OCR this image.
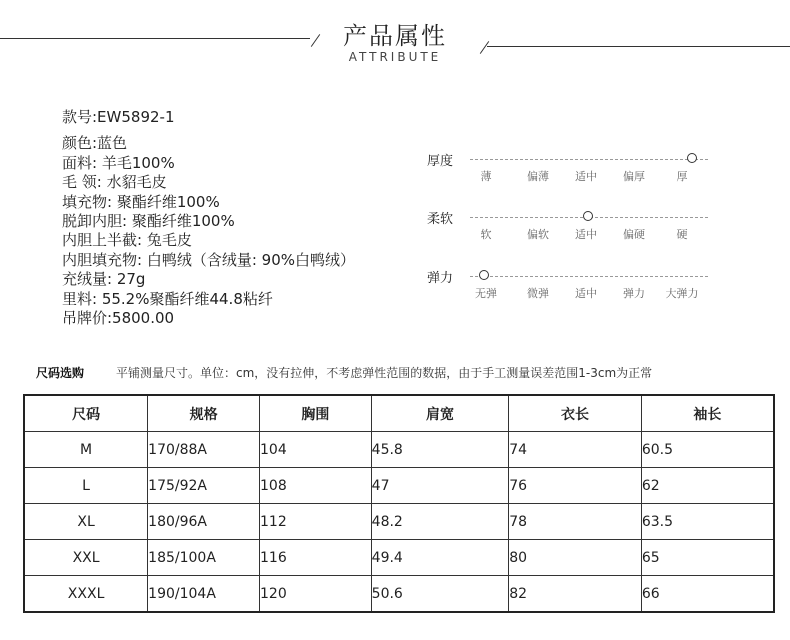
产品属性
ATTRIBUTE
款号:EW5892-1
颜色:蓝色
面料: 羊毛100%
毛 领: 水貂毛皮
填充物: 聚酯纤维100%
脱卸内胆: 聚酯纤维100%
内胆上半截: 兔毛皮
内胆填充物: 白鸭绒（含绒量: 90%白鸭绒）
充绒量: 27g
里料: 55.2%聚酯纤维44.8粘纤
吊牌价:5800.00
厚度
薄	偏薄 适中 偏厚	厚
柔软
软	偏软 适中 偏硬	硬
弹力
无弹	微弹 适中 弹力 大弹力
尺码选购	平铺测量尺寸。单位：cm，没有拉伸，不考虑弹性范围的数据，由于手工测量误差范围1-3cm为正常
尺码	规格	胸围	肩宽	衣长	袖长
M	170/88A	104	45.8	74	60.5
L	175/92A	108	47	76	62
XL	180/96A	112	48.2	78	63.5
XXL	185/100A	116	49.4	80	65
XXXL	190/104A	120	50.6	82	66
